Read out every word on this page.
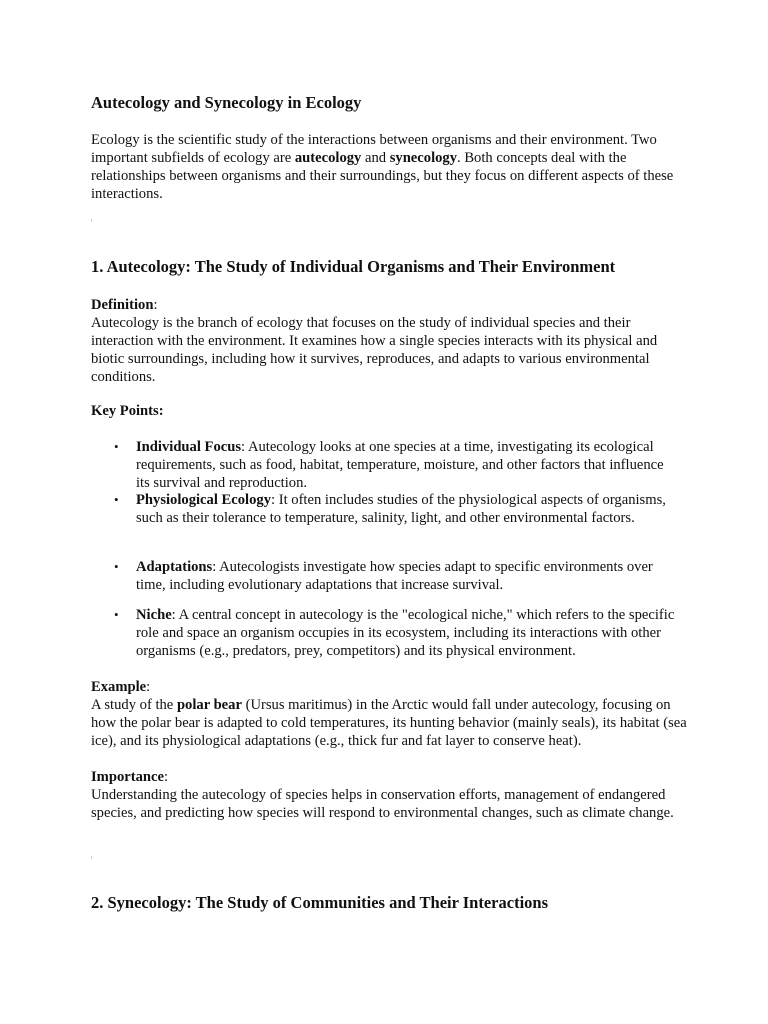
Autecology and Synecology in Ecology

Ecology is the scientific study of the interactions between organisms and their environment. Two important subfields of ecology are autecology and synecology. Both concepts deal with the relationships between organisms and their surroundings, but they focus on different aspects of these interactions.

1. Autecology: The Study of Individual Organisms and Their Environment

Definition:
Autecology is the branch of ecology that focuses on the study of individual species and their interaction with the environment. It examines how a single species interacts with its physical and biotic surroundings, including how it survives, reproduces, and adapts to various environmental conditions.

Key Points:

• Individual Focus: Autecology looks at one species at a time, investigating its ecological requirements, such as food, habitat, temperature, moisture, and other factors that influence its survival and reproduction.
• Physiological Ecology: It often includes studies of the physiological aspects of organisms, such as their tolerance to temperature, salinity, light, and other environmental factors.
• Adaptations: Autecologists investigate how species adapt to specific environments over time, including evolutionary adaptations that increase survival.
• Niche: A central concept in autecology is the "ecological niche," which refers to the specific role and space an organism occupies in its ecosystem, including its interactions with other organisms (e.g., predators, prey, competitors) and its physical environment.

Example:
A study of the polar bear (Ursus maritimus) in the Arctic would fall under autecology, focusing on how the polar bear is adapted to cold temperatures, its hunting behavior (mainly seals), its habitat (sea ice), and its physiological adaptations (e.g., thick fur and fat layer to conserve heat).

Importance:
Understanding the autecology of species helps in conservation efforts, management of endangered species, and predicting how species will respond to environmental changes, such as climate change.

2. Synecology: The Study of Communities and Their Interactions
